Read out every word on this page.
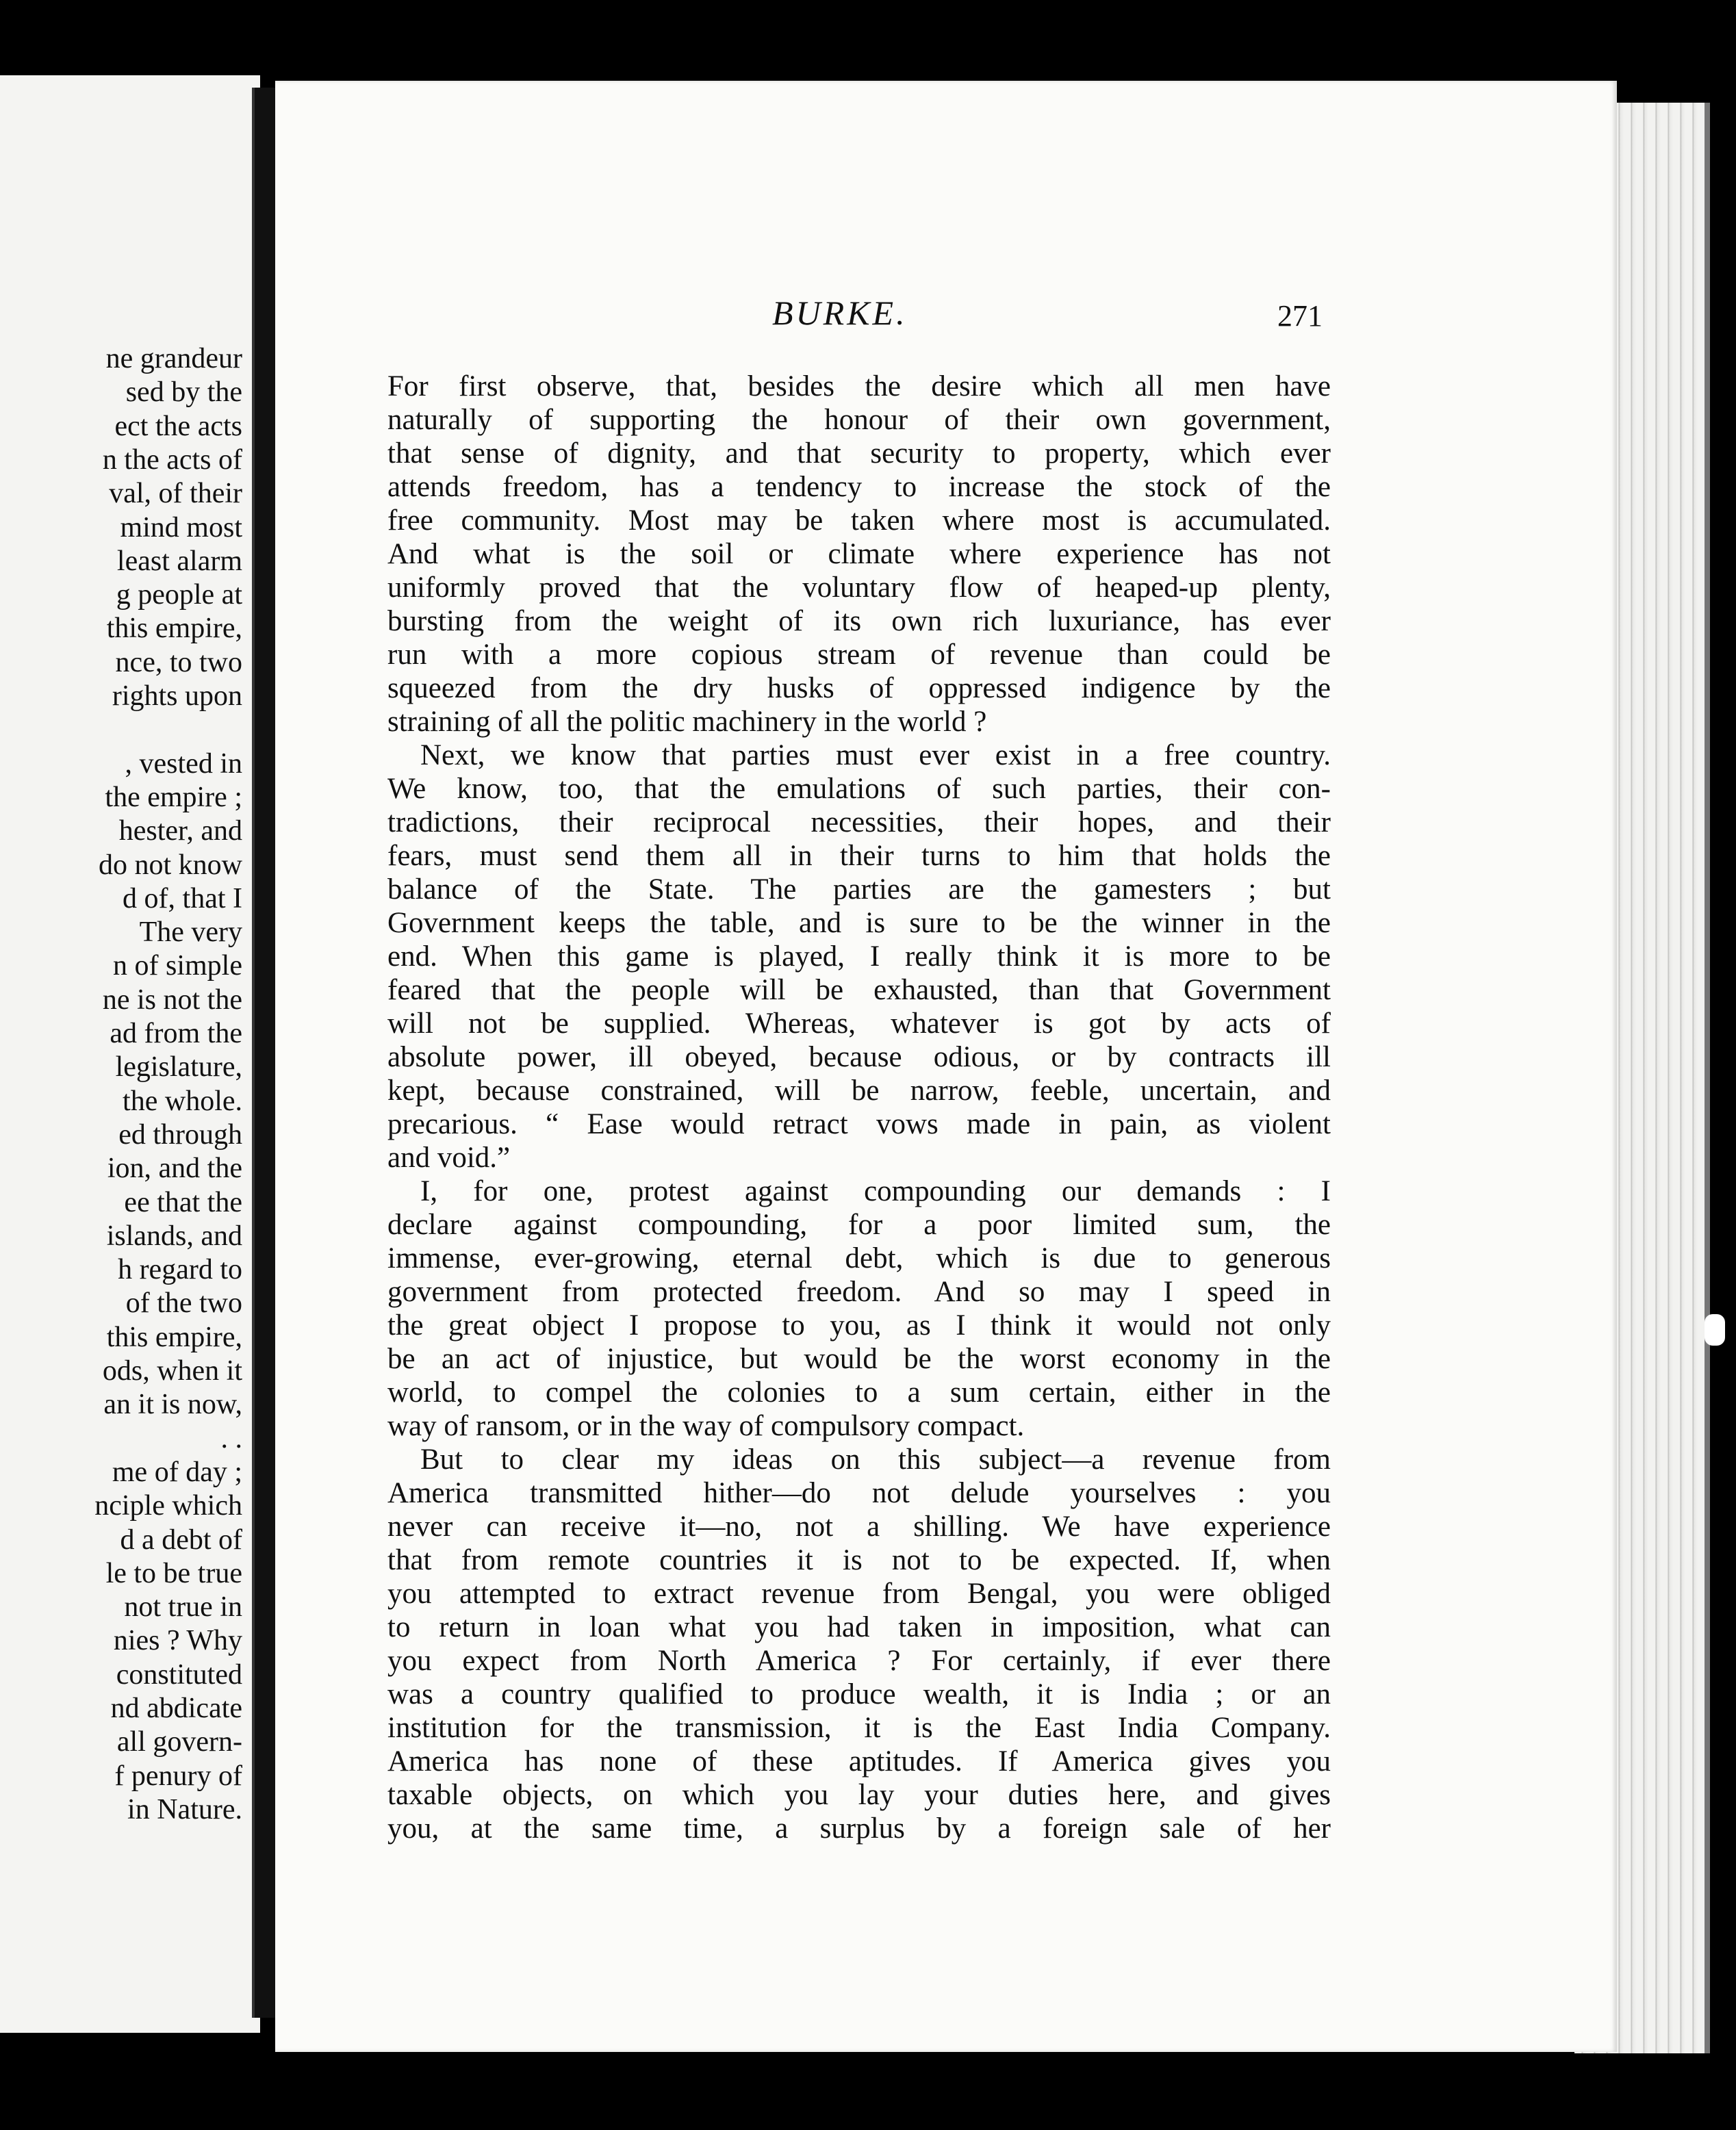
ne grandeur
sed by the
ect the acts
n the acts of
val, of their
mind most
least alarm
g people at
this empire,
nce, to two
rights upon
, vested in
the empire ;
hester, and
do not know
d of, that I
The very
n of simple
ne is not the
ad from the
legislature,
the whole.
ed through
ion, and the
ee that the
islands, and
h regard to
of the two
this empire,
ods, when it
an it is now,
. .
me of day ;
nciple which
d a debt of
le to be true
not true in
nies ? Why
constituted
nd abdicate
all govern-
f penury of
in Nature.
BURKE.	271
For first observe, that, besides the desire which all men have
naturally of supporting the honour of their own government,
that sense of dignity, and that security to property, which ever
attends freedom, has a tendency to increase the stock of the
free community. Most may be taken where most is accumulated.
And what is the soil or climate where experience has not
uniformly proved that the voluntary flow of heaped-up plenty,
bursting from the weight of its own rich luxuriance, has ever
run with a more copious stream of revenue than could be
squeezed from the dry husks of oppressed indigence by the
straining of all the politic machinery in the world ?
Next, we know that parties must ever exist in a free country.
We know, too, that the emulations of such parties, their con-
tradictions, their reciprocal necessities, their hopes, and their
fears, must send them all in their turns to him that holds the
balance of the State. The parties are the gamesters ; but
Government keeps the table, and is sure to be the winner in the
end. When this game is played, I really think it is more to be
feared that the people will be exhausted, than that Government
will not be supplied. Whereas, whatever is got by acts of
absolute power, ill obeyed, because odious, or by contracts ill
kept, because constrained, will be narrow, feeble, uncertain, and
precarious. “ Ease would retract vows made in pain, as violent
and void.”
I, for one, protest against compounding our demands : I
declare against compounding, for a poor limited sum, the
immense, ever-growing, eternal debt, which is due to generous
government from protected freedom. And so may I speed in
the great object I propose to you, as I think it would not only
be an act of injustice, but would be the worst economy in the
world, to compel the colonies to a sum certain, either in the
way of ransom, or in the way of compulsory compact.
But to clear my ideas on this subject—a revenue from
America transmitted hither—do not delude yourselves : you
never can receive it—no, not a shilling. We have experience
that from remote countries it is not to be expected. If, when
you attempted to extract revenue from Bengal, you were obliged
to return in loan what you had taken in imposition, what can
you expect from North America ? For certainly, if ever there
was a country qualified to produce wealth, it is India ; or an
institution for the transmission, it is the East India Company.
America has none of these aptitudes. If America gives you
taxable objects, on which you lay your duties here, and gives
you, at the same time, a surplus by a foreign sale of her
